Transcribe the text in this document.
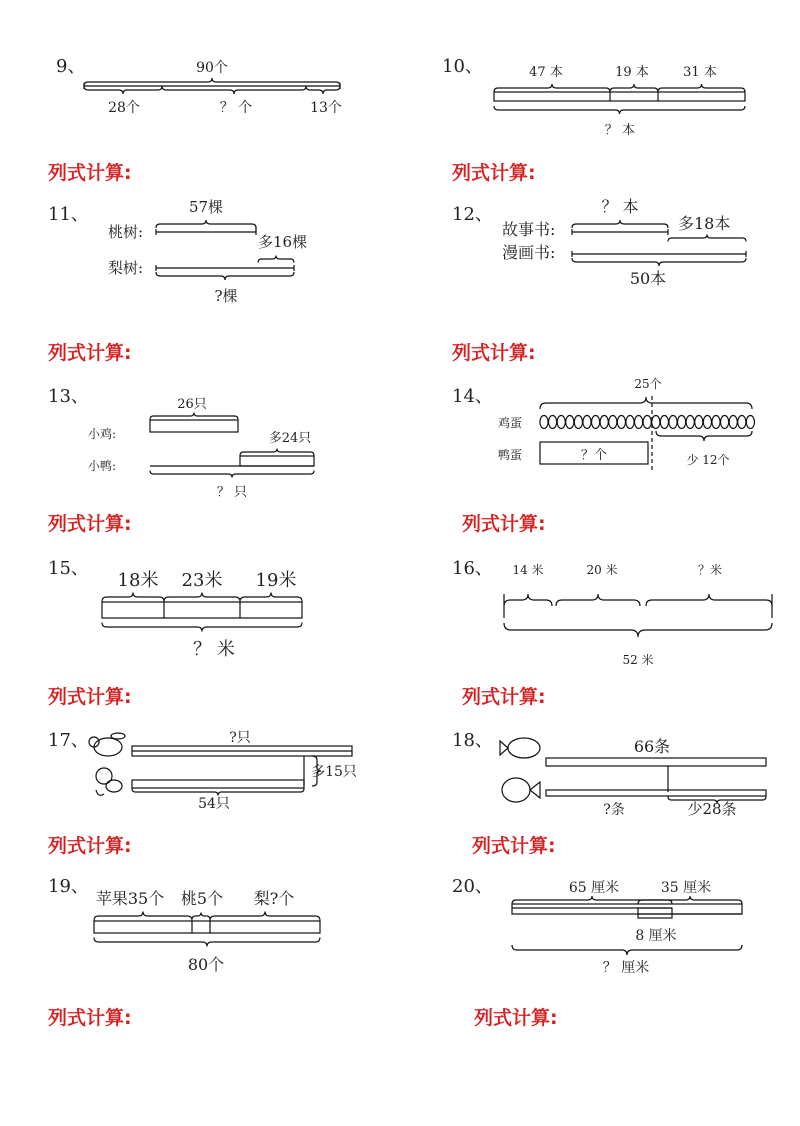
9、	90个
28个	？ 个	13个
列式计算:
10、	47 本	19 本	31 本
？ 本
列式计算:
11、	57棵
桃树:
多16棵
梨树:
?棵
列式计算:
12、	？ 本
故事书:	多18本
漫画书:
50本
列式计算:
13、	26只
小鸡:	多24只
小鸭:
？ 只
列式计算:
14、
25个
鸡蛋
鸭蛋	？个	少 12个
列式计算:
15、
18米 23米 19米
？ 米
列式计算:
16、 14 米	20 米	？米
52 米
列式计算:
17、	?只
多15只
54只
列式计算:
18、	66条
?条	少28条
列式计算:
19、
苹果35个 桃5个 梨?个
80个
列式计算:
20、	65 厘米	35 厘米
8 厘米
？ 厘米
列式计算:
